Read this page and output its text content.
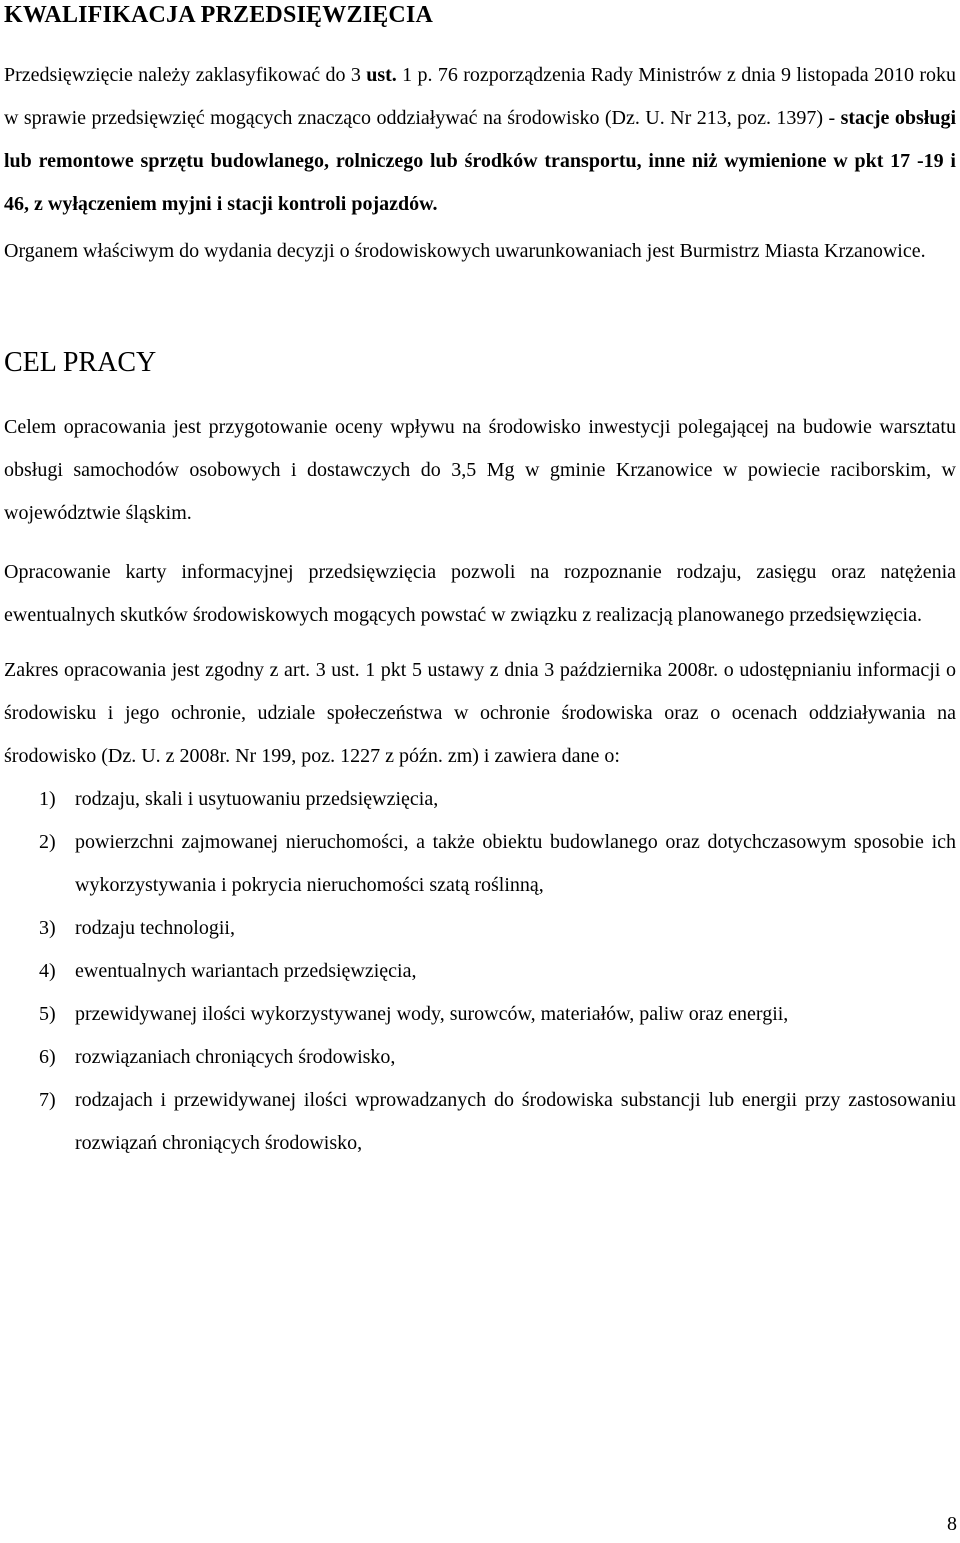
KWALIFIKACJA PRZEDSIĘWZIĘCIA

Przedsięwzięcie należy zaklasyfikować do 3 ust. 1 p. 76 rozporządzenia Rady Ministrów z dnia 9 listopada 2010 roku w sprawie przedsięwzięć mogących znacząco oddziaływać na środowisko (Dz. U. Nr 213, poz. 1397) - stacje obsługi lub remontowe sprzętu budowlanego, rolniczego lub środków transportu, inne niż wymienione w pkt 17 -19 i 46, z wyłączeniem myjni i stacji kontroli pojazdów.

Organem właściwym do wydania decyzji o środowiskowych uwarunkowaniach jest Burmistrz Miasta Krzanowice.

CEL PRACY

Celem opracowania jest przygotowanie oceny wpływu na środowisko inwestycji polegającej na budowie warsztatu obsługi samochodów osobowych i dostawczych do 3,5 Mg w gminie Krzanowice w powiecie raciborskim, w województwie śląskim.

Opracowanie karty informacyjnej przedsięwzięcia pozwoli na rozpoznanie rodzaju, zasięgu oraz natężenia ewentualnych skutków środowiskowych mogących powstać w związku z realizacją planowanego przedsięwzięcia.

Zakres opracowania jest zgodny z art. 3 ust. 1 pkt 5 ustawy z dnia 3 października 2008r. o udostępnianiu informacji o środowisku i jego ochronie, udziale społeczeństwa w ochronie środowiska oraz o ocenach oddziaływania na środowisko (Dz. U. z 2008r. Nr 199, poz. 1227 z późn. zm) i zawiera dane o:

1) rodzaju, skali i usytuowaniu przedsięwzięcia,
2) powierzchni zajmowanej nieruchomości, a także obiektu budowlanego oraz dotychczasowym sposobie ich wykorzystywania i pokrycia nieruchomości szatą roślinną,
3) rodzaju technologii,
4) ewentualnych wariantach przedsięwzięcia,
5) przewidywanej ilości wykorzystywanej wody, surowców, materiałów, paliw oraz energii,
6) rozwiązaniach chroniących środowisko,
7) rodzajach i przewidywanej ilości wprowadzanych do środowiska substancji lub energii przy zastosowaniu rozwiązań chroniących środowisko,
8
